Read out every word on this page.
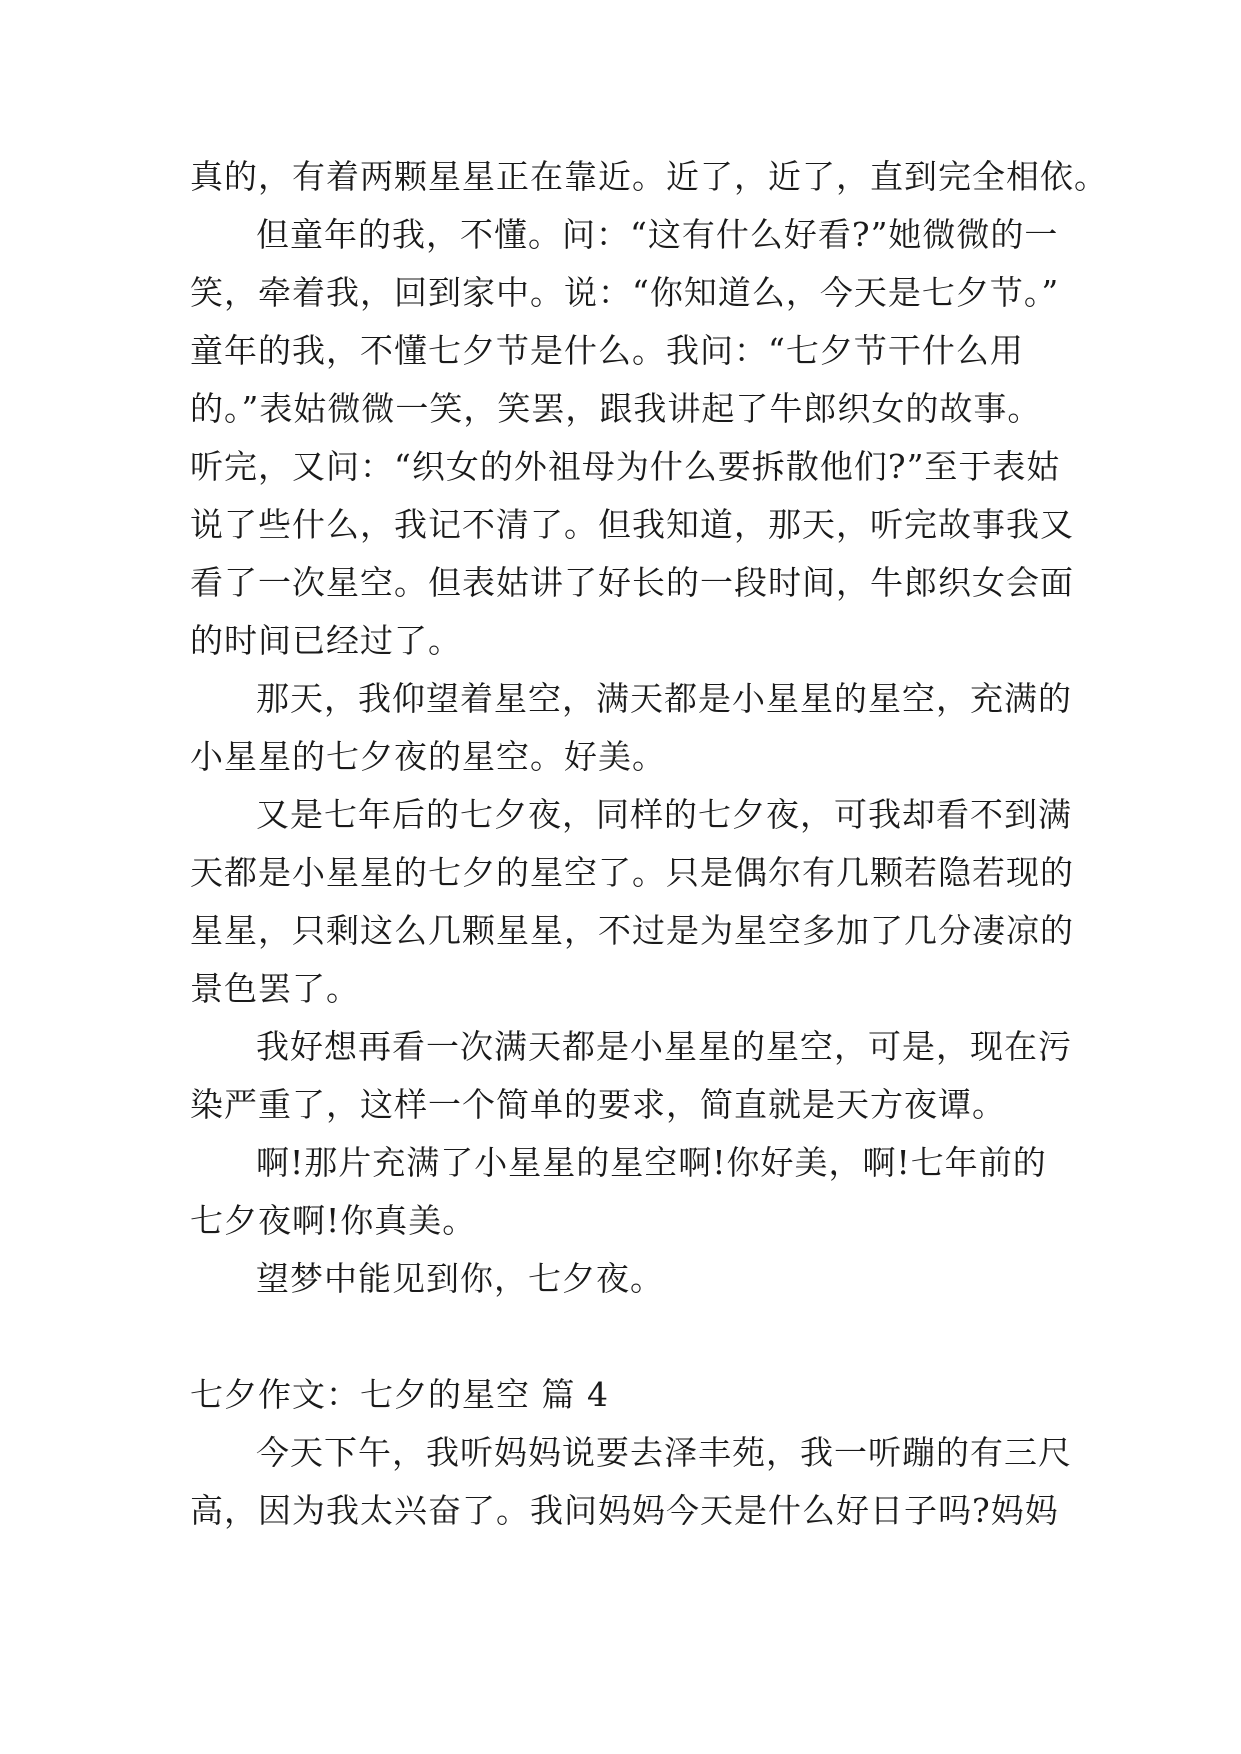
真的，有着两颗星星正在靠近。近了，近了，直到完全相依。
但童年的我，不懂。问：“这有什么好看?”她微微的一
笑，牵着我，回到家中。说：“你知道么，今天是七夕节。”
童年的我，不懂七夕节是什么。我问：“七夕节干什么用
的。”表姑微微一笑，笑罢，跟我讲起了牛郎织女的故事。
听完，又问：“织女的外祖母为什么要拆散他们?”至于表姑
说了些什么，我记不清了。但我知道，那天，听完故事我又
看了一次星空。但表姑讲了好长的一段时间，牛郎织女会面
的时间已经过了。
那天，我仰望着星空，满天都是小星星的星空，充满的
小星星的七夕夜的星空。好美。
又是七年后的七夕夜，同样的七夕夜，可我却看不到满
天都是小星星的七夕的星空了。只是偶尔有几颗若隐若现的
星星，只剩这么几颗星星，不过是为星空多加了几分凄凉的
景色罢了。
我好想再看一次满天都是小星星的星空，可是，现在污
染严重了，这样一个简单的要求，简直就是天方夜谭。
啊!那片充满了小星星的星空啊!你好美，啊!七年前的
七夕夜啊!你真美。
望梦中能见到你，七夕夜。
七夕作文：七夕的星空 篇 4
今天下午，我听妈妈说要去泽丰苑，我一听蹦的有三尺
高，因为我太兴奋了。我问妈妈今天是什么好日子吗?妈妈
